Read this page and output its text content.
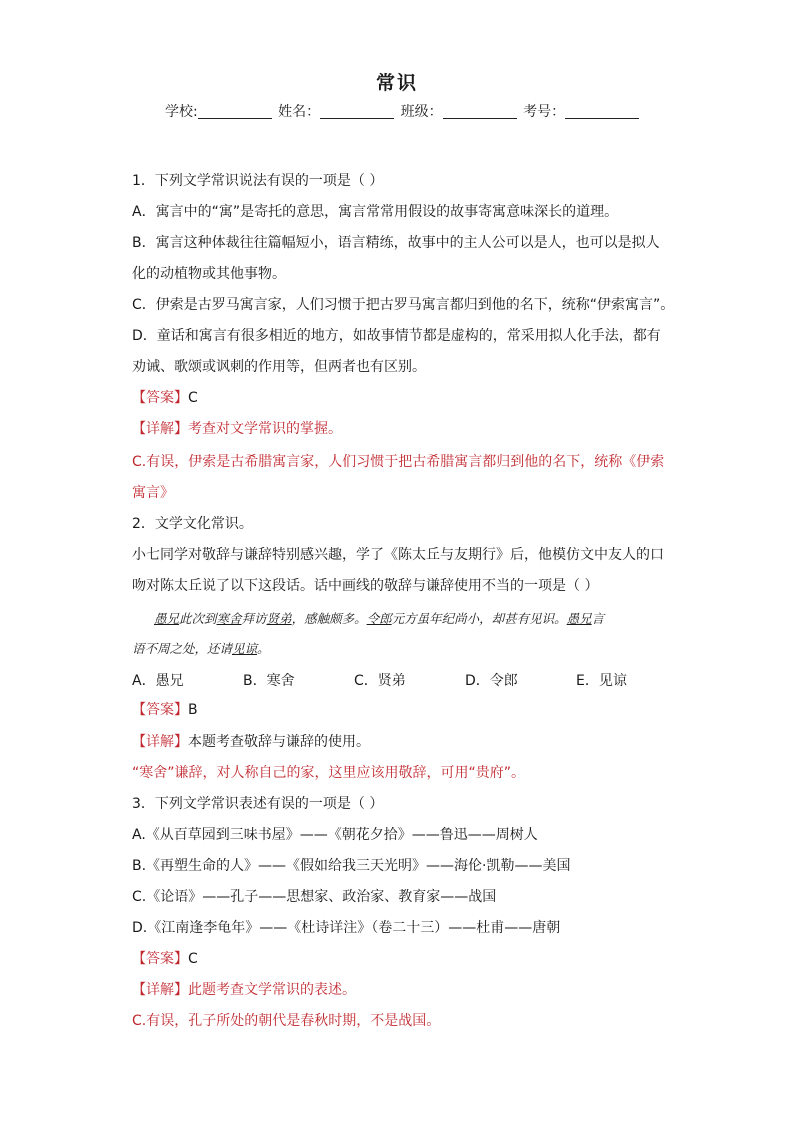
常识
学校:	姓名：	班级：	考号：
1．下列文学常识说法有误的一项是（ ）
A．寓言中的“寓”是寄托的意思，寓言常常用假设的故事寄寓意味深长的道理。
B．寓言这种体裁往往篇幅短小，语言精练，故事中的主人公可以是人，也可以是拟人
化的动植物或其他事物。
C．伊索是古罗马寓言家，人们习惯于把古罗马寓言都归到他的名下，统称“伊索寓言”。
D．童话和寓言有很多相近的地方，如故事情节都是虚构的，常采用拟人化手法，都有
劝诫、歌颂或讽刺的作用等，但两者也有区别。
【答案】C
【详解】考查对文学常识的掌握。
C.有误，伊索是古希腊寓言家，人们习惯于把古希腊寓言都归到他的名下，统称《伊索
寓言》
2．文学文化常识。
小七同学对敬辞与谦辞特别感兴趣，学了《陈太丘与友期行》后，他模仿文中友人的口
吻对陈太丘说了以下这段话。话中画线的敬辞与谦辞使用不当的一项是（ ）
愚兄此次到寒舍拜访贤弟，感触颇多。令郎元方虽年纪尚小，却甚有见识。愚兄言
语不周之处，还请见谅。
A．愚兄	B．寒舍	C．贤弟	D．令郎	E．见谅
【答案】B
【详解】本题考查敬辞与谦辞的使用。
“寒舍”谦辞，对人称自己的家，这里应该用敬辞，可用“贵府”。
3．下列文学常识表述有误的一项是（ ）
A.《从百草园到三味书屋》——《朝花夕拾》——鲁迅——周树人
B.《再塑生命的人》——《假如给我三天光明》——海伦·凯勒——美国
C.《论语》——孔子——思想家、政治家、教育家——战国
D.《江南逢李龟年》——《杜诗详注》（卷二十三）——杜甫——唐朝
【答案】C
【详解】此题考查文学常识的表述。
C.有误，孔子所处的朝代是春秋时期，不是战国。
